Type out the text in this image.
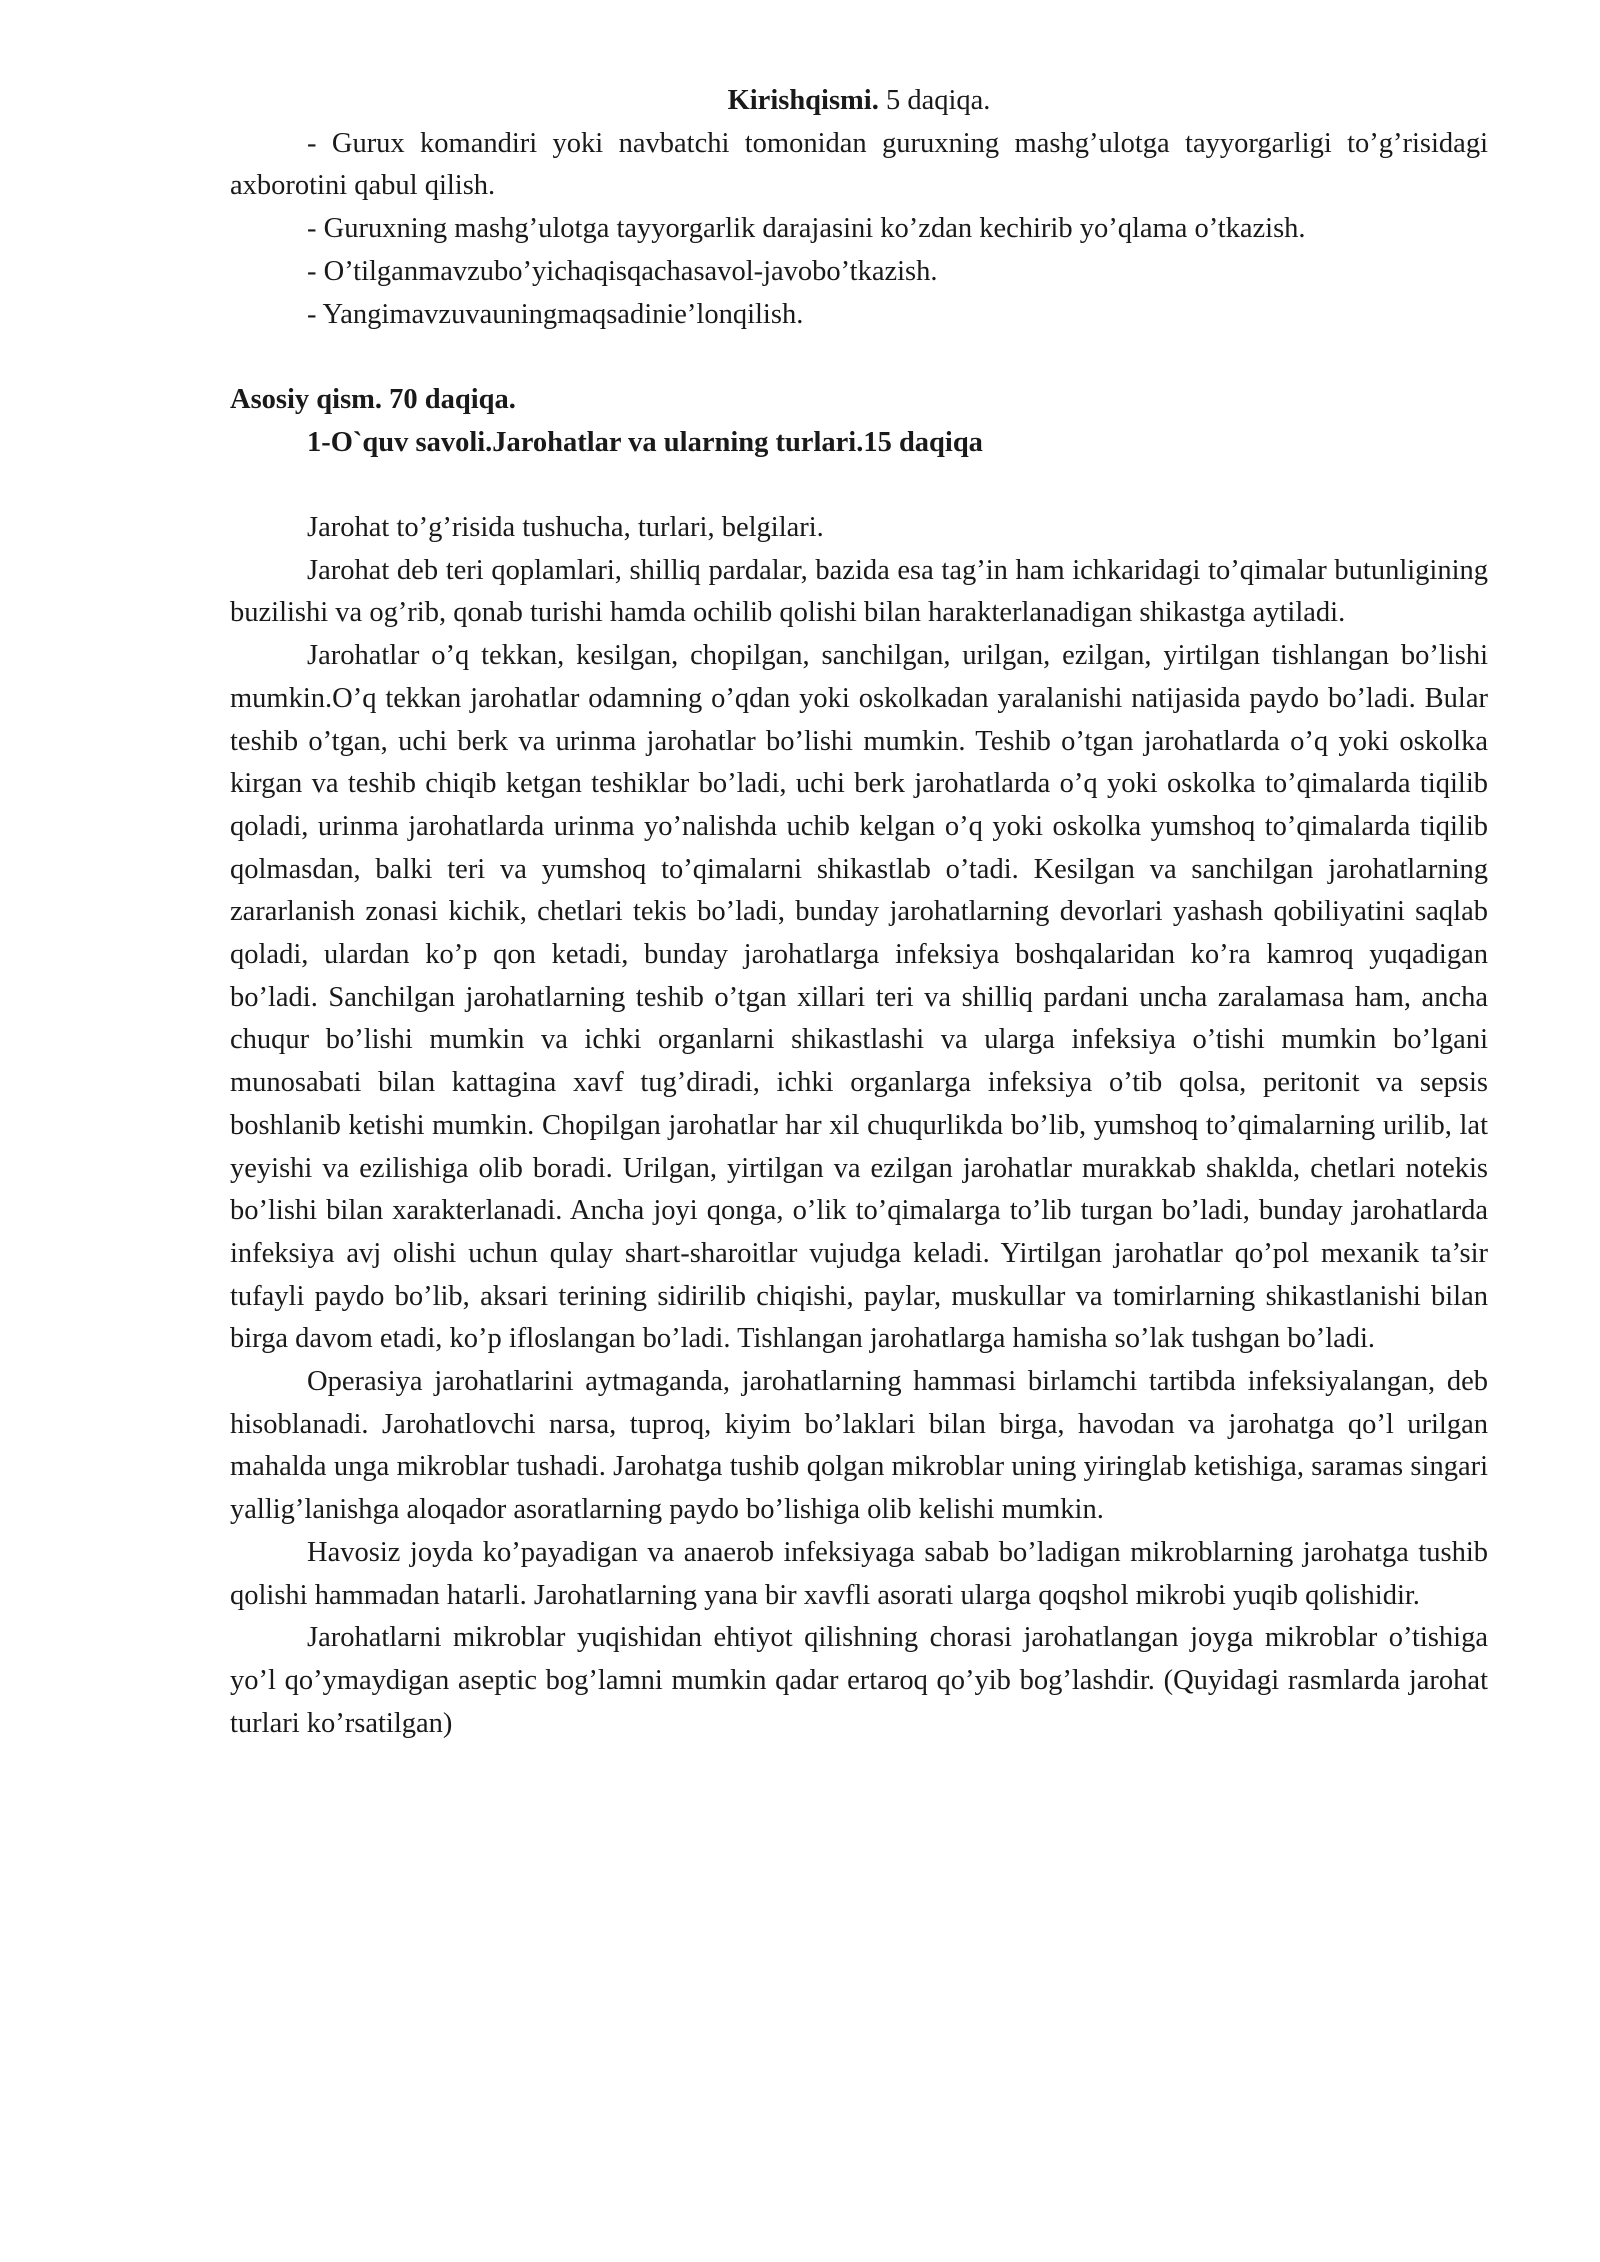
Kirishqismi. 5 daqiqa.

- Gurux komandiri yoki navbatchi tomonidan guruxning mashg’ulotga tayyorgarligi to’g’risidagi axborotini qabul qilish.

- Guruxning mashg’ulotga tayyorgarlik darajasini ko’zdan kechirib yo’qlama o’tkazish.

- O’tilganmavzubo’yichaqisqachasavol-javobo’tkazish.

- Yangimavzuvauningmaqsadinie’lonqilish.

Asosiy qism. 70 daqiqa.

1-O`quv savoli.Jarohatlar va ularning turlari.15 daqiqa

Jarohat to’g’risida tushucha, turlari, belgilari.

Jarohat deb teri qoplamlari, shilliq pardalar, bazida esa tag’in ham ichkaridagi to’qimalar butunligining buzilishi va og’rib, qonab turishi hamda ochilib qolishi bilan harakterlanadigan shikastga aytiladi.

Jarohatlar o’q tekkan, kesilgan, chopilgan, sanchilgan, urilgan, ezilgan, yirtilgan tishlangan bo’lishi mumkin.O’q tekkan jarohatlar odamning o’qdan yoki oskolkadan yaralanishi natijasida paydo bo’ladi. Bular teshib o’tgan, uchi berk va urinma jarohatlar bo’lishi mumkin. Teshib o’tgan jarohatlarda o’q yoki oskolka kirgan va teshib chiqib ketgan teshiklar bo’ladi, uchi berk jarohatlarda o’q yoki oskolka to’qimalarda tiqilib qoladi, urinma jarohatlarda urinma yo’nalishda uchib kelgan o’q yoki oskolka yumshoq to’qimalarda tiqilib qolmasdan, balki teri va yumshoq to’qimalarni shikastlab o’tadi. Kesilgan va sanchilgan jarohatlarning zararlanish zonasi kichik, chetlari tekis bo’ladi, bunday jarohatlarning devorlari yashash qobiliyatini saqlab qoladi, ulardan ko’p qon ketadi, bunday jarohatlarga infeksiya boshqalaridan ko’ra kamroq yuqadigan bo’ladi. Sanchilgan jarohatlarning teshib o’tgan xillari teri va shilliq pardani uncha zaralamasa ham, ancha chuqur bo’lishi mumkin va ichki organlarni shikastlashi va ularga infeksiya o’tishi mumkin bo’lgani munosabati bilan kattagina xavf tug’diradi, ichki organlarga infeksiya o’tib qolsa, peritonit va sepsis boshlanib ketishi mumkin. Chopilgan jarohatlar har xil chuqurlikda bo’lib, yumshoq to’qimalarning urilib, lat yeyishi va ezilishiga olib boradi. Urilgan, yirtilgan va ezilgan jarohatlar murakkab shaklda, chetlari notekis bo’lishi bilan xarakterlanadi. Ancha joyi qonga, o’lik to’qimalarga to’lib turgan bo’ladi, bunday jarohatlarda infeksiya avj olishi uchun qulay shart-sharoitlar vujudga keladi. Yirtilgan jarohatlar qo’pol mexanik ta’sir tufayli paydo bo’lib, aksari terining sidirilib chiqishi, paylar, muskullar va tomirlarning shikastlanishi bilan birga davom etadi, ko’p ifloslangan bo’ladi. Tishlangan jarohatlarga hamisha so’lak tushgan bo’ladi.

Operasiya jarohatlarini aytmaganda, jarohatlarning hammasi birlamchi tartibda infeksiyalangan, deb hisoblanadi. Jarohatlovchi narsa, tuproq, kiyim bo’laklari bilan birga, havodan va jarohatga qo’l urilgan mahalda unga mikroblar tushadi. Jarohatga tushib qolgan mikroblar uning yiringlab ketishiga, saramas singari yallig’lanishga aloqador asoratlarning paydo bo’lishiga olib kelishi mumkin.

Havosiz joyda ko’payadigan va anaerob infeksiyaga sabab bo’ladigan mikroblarning jarohatga tushib qolishi hammadan hatarli. Jarohatlarning yana bir xavfli asorati ularga qoqshol mikrobi yuqib qolishidir.

Jarohatlarni mikroblar yuqishidan ehtiyot qilishning chorasi jarohatlangan joyga mikroblar o’tishiga yo’l qo’ymaydigan aseptic bog’lamni mumkin qadar ertaroq qo’yib bog’lashdir. (Quyidagi rasmlarda jarohat turlari ko’rsatilgan)
